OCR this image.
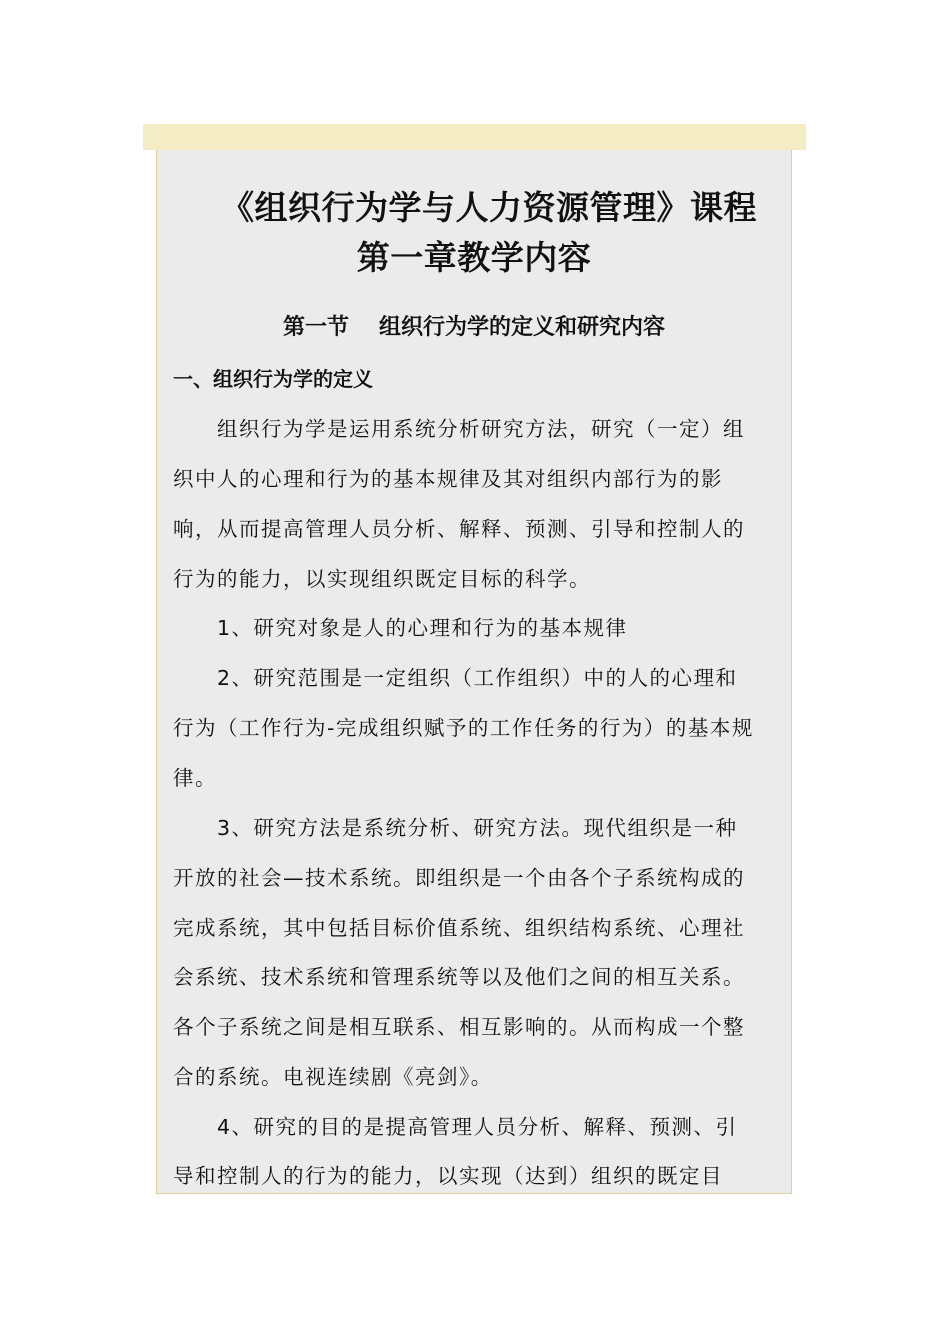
《组织行为学与人力资源管理》课程
第一章教学内容
第一节 组织行为学的定义和研究内容
一、组织行为学的定义
组织行为学是运用系统分析研究方法，研究（一定）组
织中人的心理和行为的基本规律及其对组织内部行为的影
响，从而提高管理人员分析、解释、预测、引导和控制人的
行为的能力，以实现组织既定目标的科学。
1、研究对象是人的心理和行为的基本规律
2、研究范围是一定组织（工作组织）中的人的心理和
行为（工作行为-完成组织赋予的工作任务的行为）的基本规
律。
3、研究方法是系统分析、研究方法。现代组织是一种
开放的社会—技术系统。即组织是一个由各个子系统构成的
完成系统，其中包括目标价值系统、组织结构系统、心理社
会系统、技术系统和管理系统等以及他们之间的相互关系。
各个子系统之间是相互联系、相互影响的。从而构成一个整
合的系统。电视连续剧《亮剑》。
4、研究的目的是提高管理人员分析、解释、预测、引
导和控制人的行为的能力，以实现（达到）组织的既定目
